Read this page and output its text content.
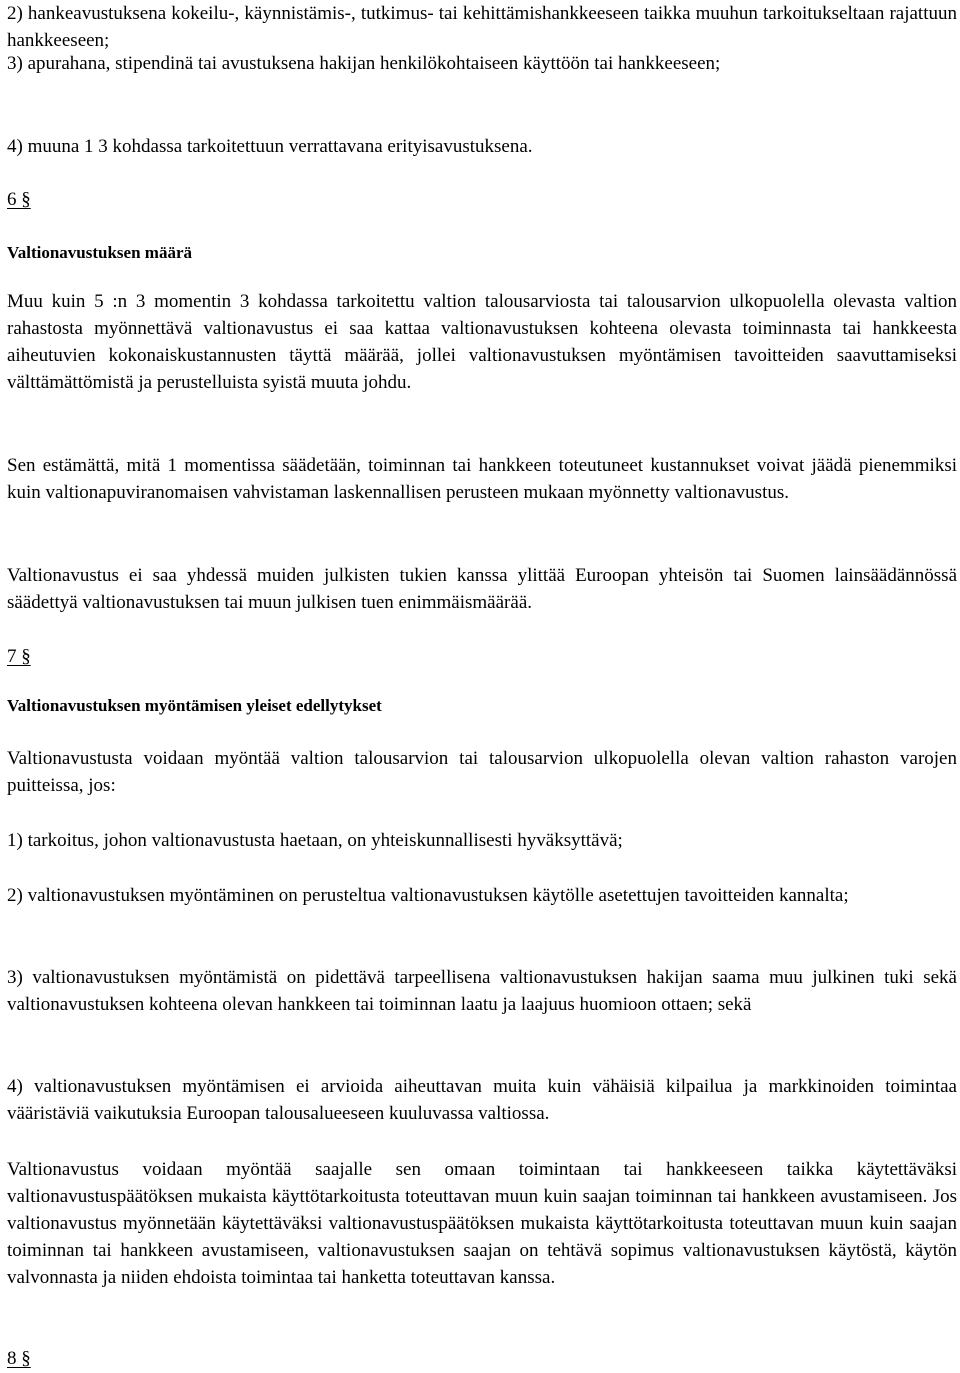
2) hankeavustuksena kokeilu-, käynnistämis-, tutkimus- tai kehittämishankkeeseen taikka muuhun tarkoitukseltaan rajattuun hankkeeseen;

3) apurahana, stipendinä tai avustuksena hakijan henkilökohtaiseen käyttöön tai hankkeeseen;

4) muuna 1 3 kohdassa tarkoitettuun verrattavana erityisavustuksena.

6 §
Valtionavustuksen määrä

Muu kuin 5 :n 3 momentin 3 kohdassa tarkoitettu valtion talousarviosta tai talousarvion ulkopuolella olevasta valtion rahastosta myönnettävä valtionavustus ei saa kattaa valtionavustuksen kohteena olevasta toiminnasta tai hankkeesta aiheutuvien kokonaiskustannusten täyttä määrää, jollei valtionavustuksen myöntämisen tavoitteiden saavuttamiseksi välttämättömistä ja perustelluista syistä muuta johdu.

Sen estämättä, mitä 1 momentissa säädetään, toiminnan tai hankkeen toteutuneet kustannukset voivat jäädä pienemmiksi kuin valtionapuviranomaisen vahvistaman laskennallisen perusteen mukaan myönnetty valtionavustus.

Valtionavustus ei saa yhdessä muiden julkisten tukien kanssa ylittää Euroopan yhteisön tai Suomen lainsäädännössä säädettyä valtionavustuksen tai muun julkisen tuen enimmäismäärää.

7 §
Valtionavustuksen myöntämisen yleiset edellytykset

Valtionavustusta voidaan myöntää valtion talousarvion tai talousarvion ulkopuolella olevan valtion rahaston varojen puitteissa, jos:

1) tarkoitus, johon valtionavustusta haetaan, on yhteiskunnallisesti hyväksyttävä;

2) valtionavustuksen myöntäminen on perusteltua valtionavustuksen käytölle asetettujen tavoitteiden kannalta;

3) valtionavustuksen myöntämistä on pidettävä tarpeellisena valtionavustuksen hakijan saama muu julkinen tuki sekä valtionavustuksen kohteena olevan hankkeen tai toiminnan laatu ja laajuus huomioon ottaen; sekä

4) valtionavustuksen myöntämisen ei arvioida aiheuttavan muita kuin vähäisiä kilpailua ja markkinoiden toimintaa vääristäviä vaikutuksia Euroopan talousalueeseen kuuluvassa valtiossa.

Valtionavustus voidaan myöntää saajalle sen omaan toimintaan tai hankkeeseen taikka käytettäväksi valtionavustuspäätöksen mukaista käyttötarkoitusta toteuttavan muun kuin saajan toiminnan tai hankkeen avustamiseen. Jos valtionavustus myönnetään käytettäväksi valtionavustuspäätöksen mukaista käyttötarkoitusta toteuttavan muun kuin saajan toiminnan tai hankkeen avustamiseen, valtionavustuksen saajan on tehtävä sopimus valtionavustuksen käytöstä, käytön valvonnasta ja niiden ehdoista toimintaa tai hanketta toteuttavan kanssa.

8 §
